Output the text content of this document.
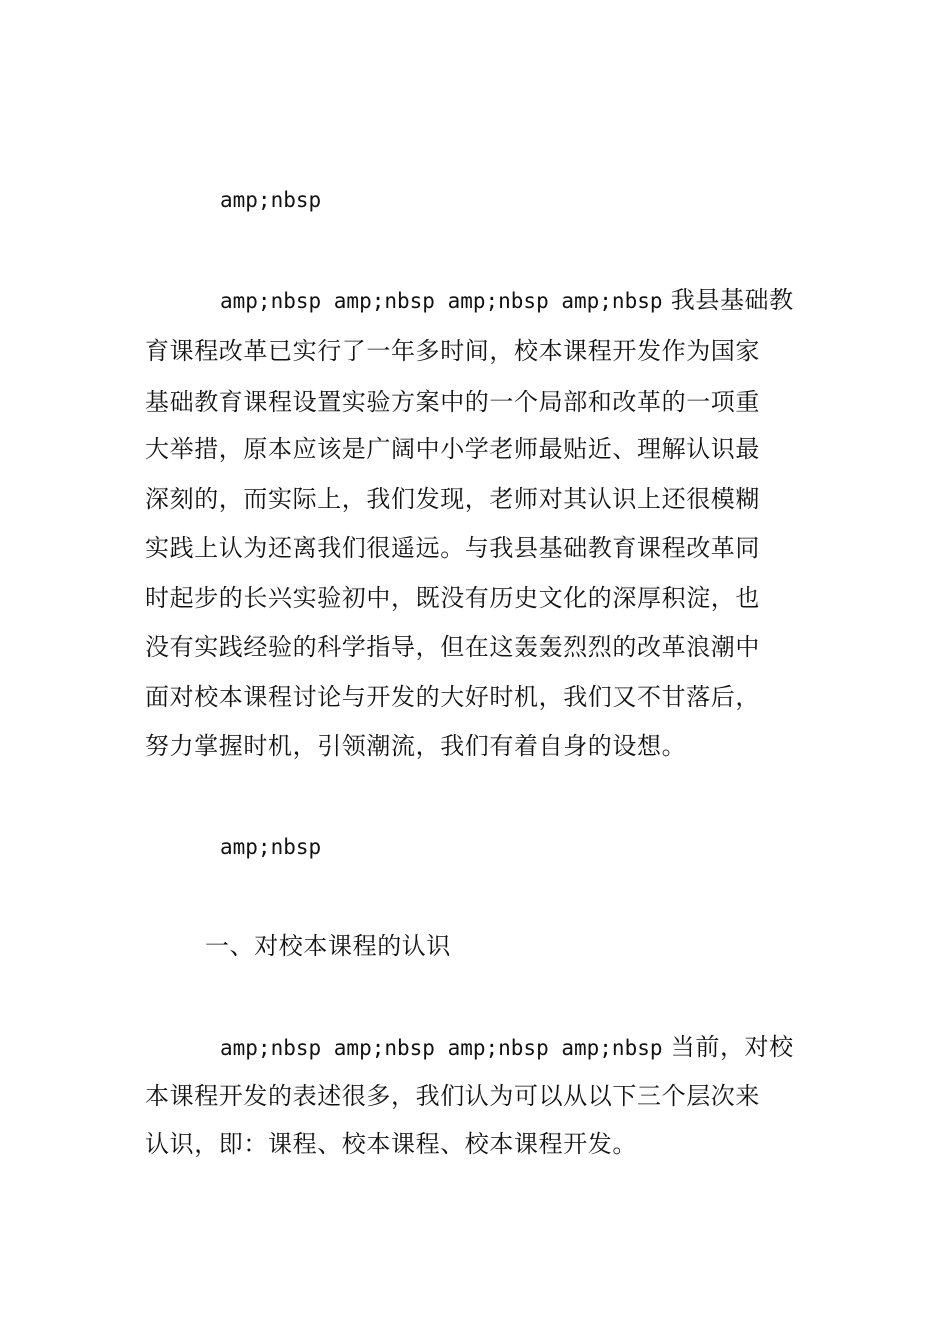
amp;nbsp
amp;nbsp amp;nbsp amp;nbsp amp;nbsp 我县基础教
育课程改革已实行了一年多时间，校本课程开发作为国家
基础教育课程设置实验方案中的一个局部和改革的一项重
大举措，原本应该是广阔中小学老师最贴近、理解认识最
深刻的，而实际上，我们发现，老师对其认识上还很模糊
实践上认为还离我们很遥远。与我县基础教育课程改革同
时起步的长兴实验初中，既没有历史文化的深厚积淀，也
没有实践经验的科学指导，但在这轰轰烈烈的改革浪潮中
面对校本课程讨论与开发的大好时机，我们又不甘落后，
努力掌握时机，引领潮流，我们有着自身的设想。
amp;nbsp
一、对校本课程的认识
amp;nbsp amp;nbsp amp;nbsp amp;nbsp 当前，对校
本课程开发的表述很多，我们认为可以从以下三个层次来
认识，即：课程、校本课程、校本课程开发。
